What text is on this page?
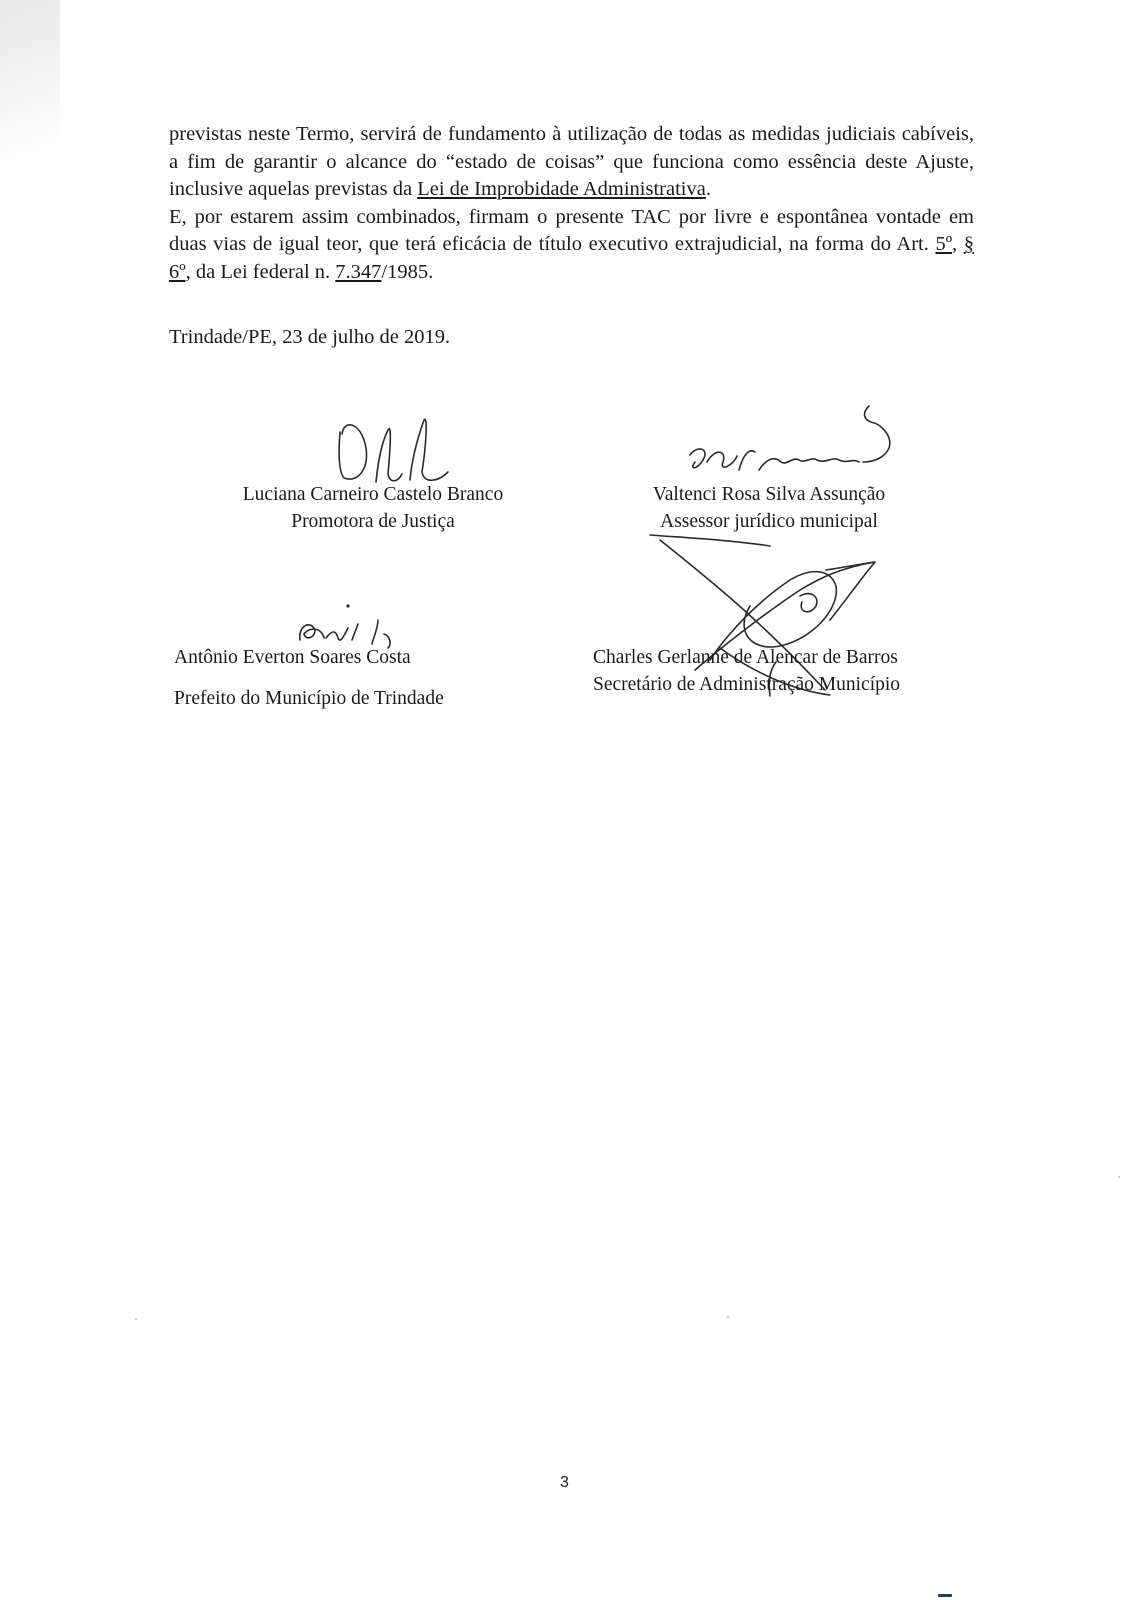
previstas neste Termo, servirá de fundamento à utilização de todas as medidas judiciais cabíveis, a fim de garantir o alcance do “estado de coisas” que funciona como essência deste Ajuste, inclusive aquelas previstas da Lei de Improbidade Administrativa.

E, por estarem assim combinados, firmam o presente TAC por livre e espontânea vontade em duas vias de igual teor, que terá eficácia de título executivo extrajudicial, na forma do Art. 5º, § 6º, da Lei federal n. 7.347/1985.

Trindade/PE, 23 de julho de 2019.
Luciana Carneiro Castelo Branco
Promotora de Justiça
Valtenci Rosa Silva Assunção
Assessor jurídico municipal
Antônio Everton Soares Costa
Prefeito do Município de Trindade
Charles Gerlanne de Alencar de Barros
Secretário de Administração Município
3
